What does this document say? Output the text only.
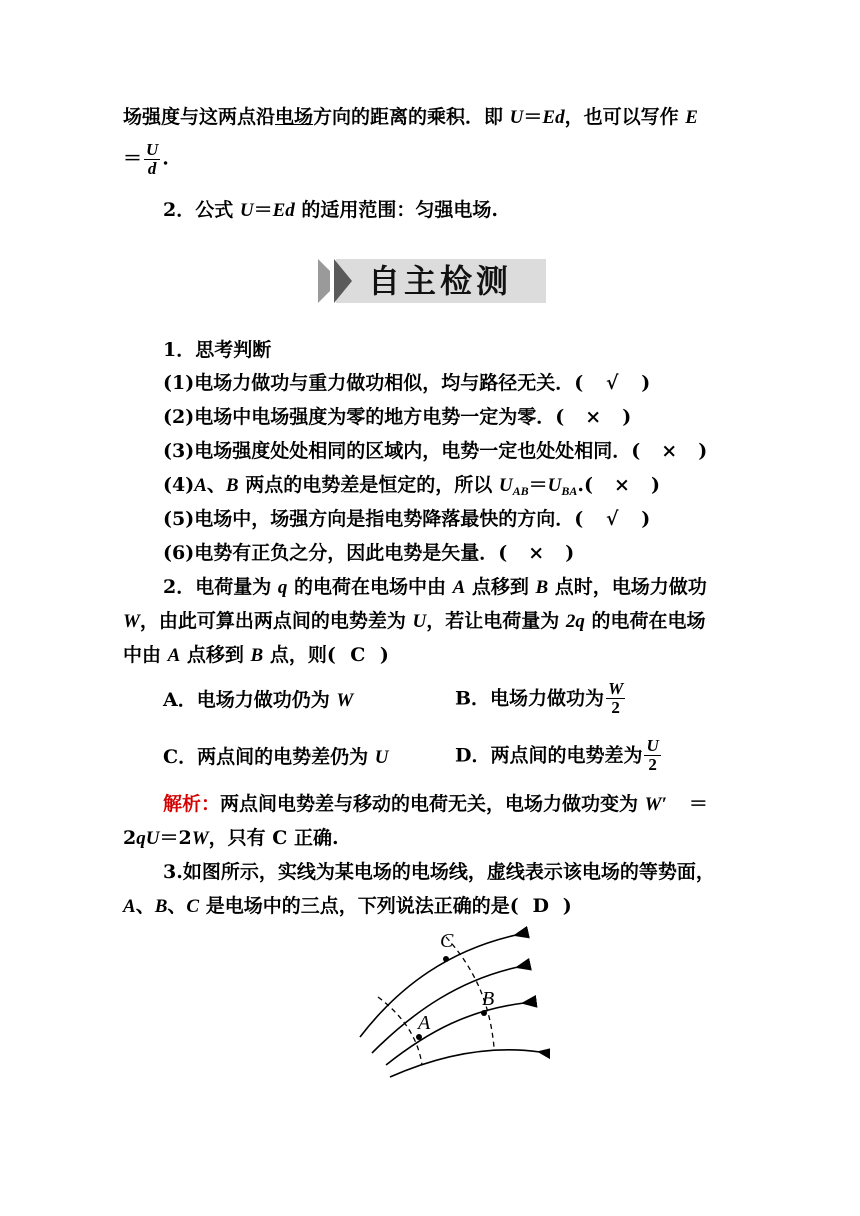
场强度与这两点沿电场方向的距离的乘积．即 U＝Ed，也可以写作 E
＝ $\frac{U}{d}$ .
2．公式 U＝Ed 的适用范围：匀强电场.
自主检测
1．思考判断
(1)电场力做功与重力做功相似，均与路径无关．( √ )
(2)电场中电场强度为零的地方电势一定为零．( × )
(3)电场强度处处相同的区域内，电势一定也处处相同．( × )
(4)A、B 两点的电势差是恒定的，所以 $U_{AB}=U_{BA}$.( × )
(5)电场中，场强方向是指电势降落最快的方向．( √ )
(6)电势有正负之分，因此电势是矢量．( × )
2．电荷量为 q 的电荷在电场中由 A 点移到 B 点时，电场力做功
W，由此可算出两点间的电势差为 U，若让电荷量为 2q 的电荷在电场
中由 A 点移到 B 点，则( C )
A．电场力做功仍为 W	B．电场力做功为 $\frac{W}{2}$
C．两点间的电势差仍为 U	D．两点间的电势差为 $\frac{U}{2}$
解析：两点间电势差与移动的电荷无关，电场力做功变为 W′ ＝
2qU＝2W，只有 C 正确.
3.如图所示，实线为某电场的电场线，虚线表示该电场的等势面，
A、B、C 是电场中的三点，下列说法正确的是( D )
C
B
A
